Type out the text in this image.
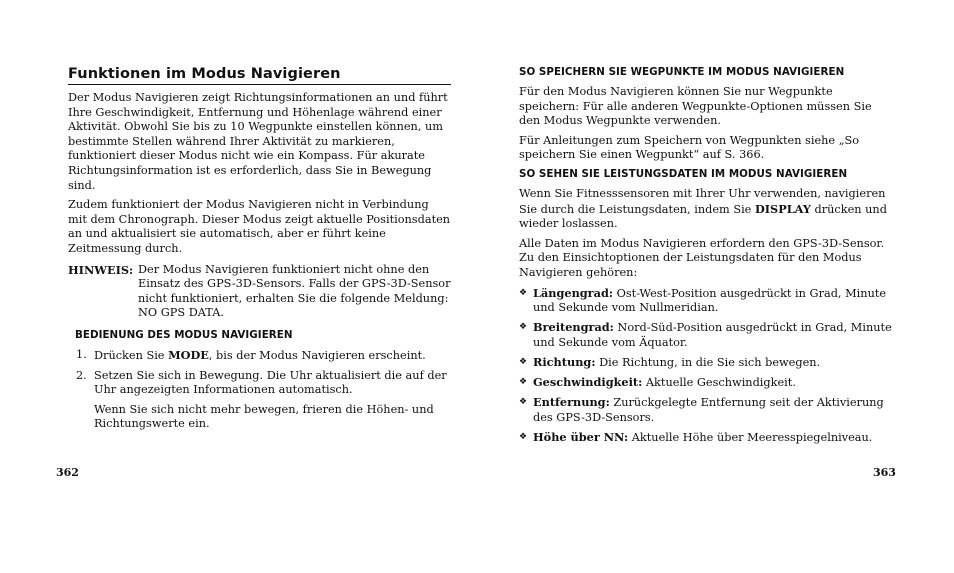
Funktionen im Modus Navigieren

Der Modus Navigieren zeigt Richtungsinformationen an und führt Ihre Geschwindigkeit, Entfernung und Höhenlage während einer Aktivität. Obwohl Sie bis zu 10 Wegpunkte einstellen können, um bestimmte Stellen während Ihrer Aktivität zu markieren, funktioniert dieser Modus nicht wie ein Kompass. Für akurate Richtungsinformation ist es erforderlich, dass Sie in Bewegung sind.

Zudem funktioniert der Modus Navigieren nicht in Verbindung mit dem Chronograph. Dieser Modus zeigt aktuelle Positionsdaten an und aktualisiert sie automatisch, aber er führt keine Zeitmessung durch.

HINWEIS: Der Modus Navigieren funktioniert nicht ohne den Einsatz des GPS-3D-Sensors. Falls der GPS-3D-Sensor nicht funktioniert, erhalten Sie die folgende Meldung: NO GPS DATA.
BEDIENUNG DES MODUS NAVIGIEREN
1. Drücken Sie MODE, bis der Modus Navigieren erscheint.
2. Setzen Sie sich in Bewegung. Die Uhr aktualisiert die auf der Uhr angezeigten Informationen automatisch.

Wenn Sie sich nicht mehr bewegen, frieren die Höhen- und Richtungswerte ein.

SO SPEICHERN SIE WEGPUNKTE IM MODUS NAVIGIEREN

Für den Modus Navigieren können Sie nur Wegpunkte speichern: Für alle anderen Wegpunkte-Optionen müssen Sie den Modus Wegpunkte verwenden.

Für Anleitungen zum Speichern von Wegpunkten siehe „So speichern Sie einen Wegpunkt“ auf S. 366.

SO SEHEN SIE LEISTUNGSDATEN IM MODUS NAVIGIEREN

Wenn Sie Fitnesssensoren mit Ihrer Uhr verwenden, navigieren Sie durch die Leistungsdaten, indem Sie DISPLAY drücken und wieder loslassen.

Alle Daten im Modus Navigieren erfordern den GPS-3D-Sensor. Zu den Einsichtoptionen der Leistungsdaten für den Modus Navigieren gehören:

❖ Längengrad: Ost-West-Position ausgedrückt in Grad, Minute und Sekunde vom Nullmeridian.
❖ Breitengrad: Nord-Süd-Position ausgedrückt in Grad, Minute und Sekunde vom Äquator.
❖ Richtung: Die Richtung, in die Sie sich bewegen.
❖ Geschwindigkeit: Aktuelle Geschwindigkeit.
❖ Entfernung: Zurückgelegte Entfernung seit der Aktivierung des GPS-3D-Sensors.
❖ Höhe über NN: Aktuelle Höhe über Meeresspiegelniveau.
362	363
